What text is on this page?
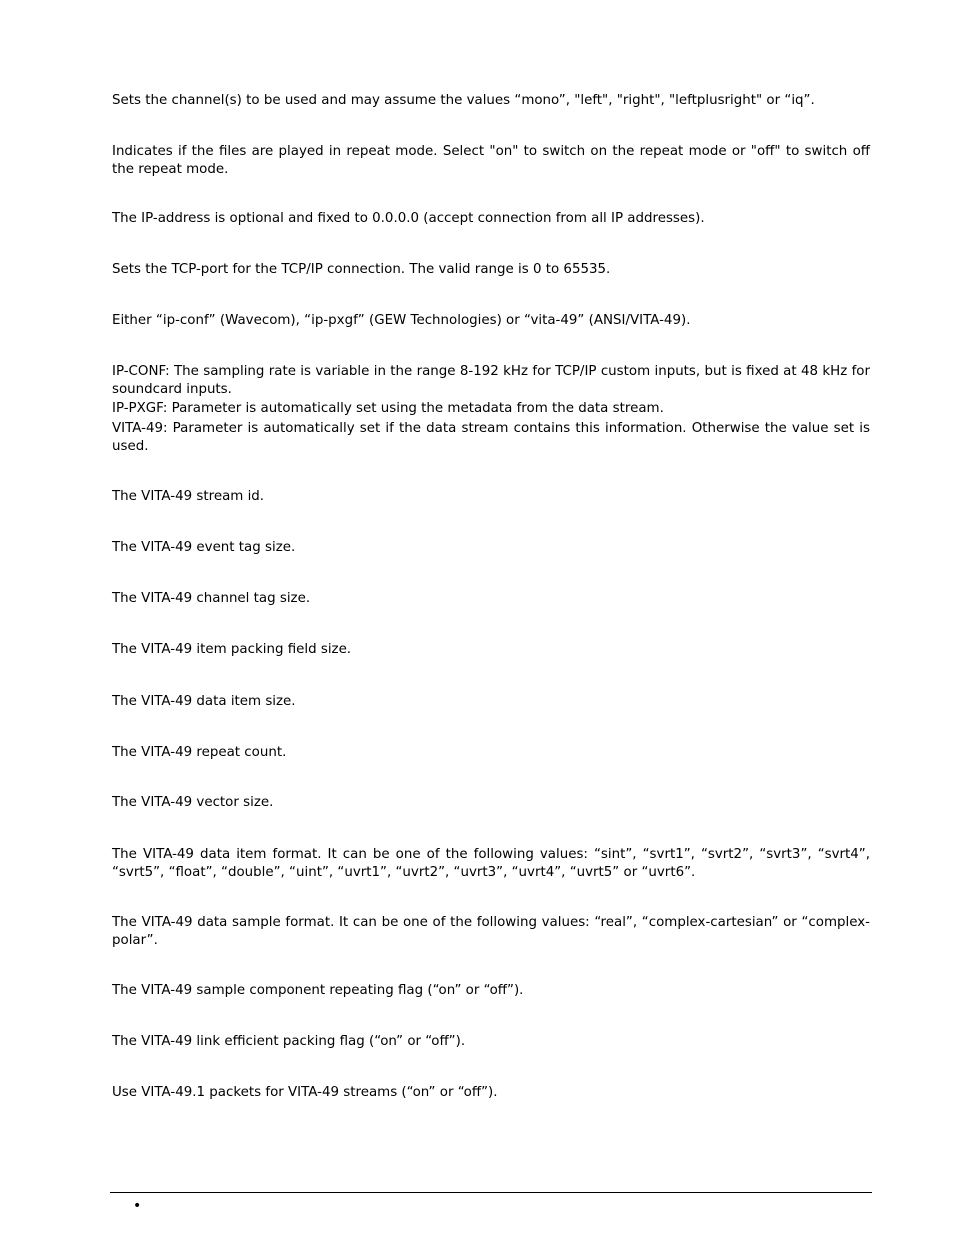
Sets the channel(s) to be used and may assume the values “mono”, "left", "right", "leftplusright" or “iq”.

Indicates if the files are played in repeat mode. Select "on" to switch on the repeat mode or "off" to switch off the repeat mode.

The IP-address is optional and fixed to 0.0.0.0 (accept connection from all IP addresses).

Sets the TCP-port for the TCP/IP connection. The valid range is 0 to 65535.

Either “ip-conf” (Wavecom), “ip-pxgf” (GEW Technologies) or “vita-49” (ANSI/VITA-49).

IP-CONF: The sampling rate is variable in the range 8-192 kHz for TCP/IP custom inputs, but is fixed at 48 kHz for soundcard inputs.

IP-PXGF: Parameter is automatically set using the metadata from the data stream.

VITA-49: Parameter is automatically set if the data stream contains this information. Otherwise the value set is used.

The VITA-49 stream id.

The VITA-49 event tag size.

The VITA-49 channel tag size.

The VITA-49 item packing field size.

The VITA-49 data item size.

The VITA-49 repeat count.

The VITA-49 vector size.

The VITA-49 data item format. It can be one of the following values: “sint”, “svrt1”, “svrt2”, “svrt3”, “svrt4”, “svrt5”, “float”, “double”, “uint”, “uvrt1”, “uvrt2”, “uvrt3”, “uvrt4”, “uvrt5” or “uvrt6”.

The VITA-49 data sample format. It can be one of the following values: “real”, “complex-cartesian” or “complex-polar”.

The VITA-49 sample component repeating flag (“on” or “off”).

The VITA-49 link efficient packing flag (“on” or “off”).

Use VITA-49.1 packets for VITA-49 streams (“on” or “off”).

•
